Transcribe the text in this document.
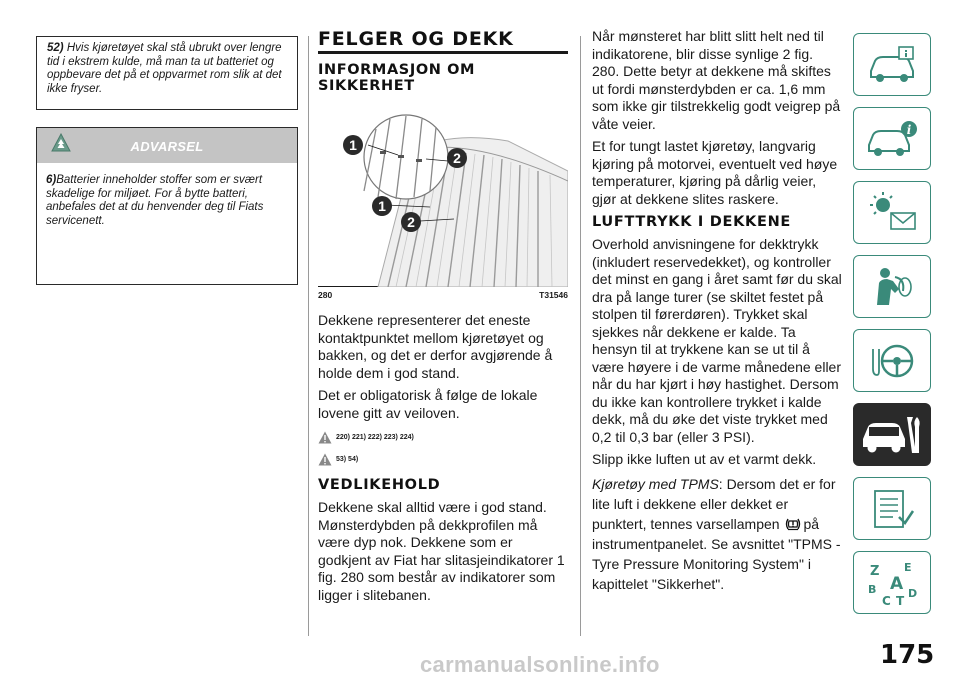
52) Hvis kjøretøyet skal stå ubrukt over lengre tid i ekstrem kulde, må man ta ut batteriet og oppbevare det på et oppvarmet rom slik at det ikke fryser.
ADVARSEL
6)Batterier inneholder stoffer som er svært skadelige for miljøet. For å bytte batteri, anbefales det at du henvender deg til Fiats servicenett.
FELGER OG DEKK
INFORMASJON OM SIKKERHET
1
2
1
2
280	T31546
Dekkene representerer det eneste kontaktpunktet mellom kjøretøyet og bakken, og det er derfor avgjørende å holde dem i god stand.
Det er obligatorisk å følge de lokale lovene gitt av veiloven.
220) 221) 222) 223) 224)
53) 54)
VEDLIKEHOLD
Dekkene skal alltid være i god stand. Mønsterdybden på dekkprofilen må være dyp nok. Dekkene som er godkjent av Fiat har slitasjeindikatorer 1 fig. 280 som består av indikatorer som ligger i slitebanen.
Når mønsteret har blitt slitt helt ned til indikatorene, blir disse synlige 2 fig. 280. Dette betyr at dekkene må skiftes ut fordi mønsterdybden er ca. 1,6 mm som ikke gir tilstrekkelig godt veigrep på våte veier.
Et for tungt lastet kjøretøy, langvarig kjøring på motorvei, eventuelt ved høye temperaturer, kjøring på dårlig veier, gjør at dekkene slites raskere.
LUFTTRYKK I DEKKENE
Overhold anvisningene for dekktrykk (inkludert reservedekket), og kontroller det minst en gang i året samt før du skal dra på lange turer (se skiltet festet på stolpen til førerdøren). Trykket skal sjekkes når dekkene er kalde. Ta hensyn til at trykkene kan se ut til å være høyere i de varme månedene eller når du har kjørt i høy hastighet. Dersom du ikke kan kontrollere trykket i kalde dekk, må du øke det viste trykket med 0,2 til 0,3 bar (eller 3 PSI).
Slipp ikke luften ut av et varmt dekk.
Kjøretøy med TPMS: Dersom det er for lite luft i dekkene eller dekket er punktert, tennes varsellampen på instrumentpanelet. Se avsnittet "TPMS - Tyre Pressure Monitoring System" i kapittelet "Sikkerhet".
i
Z E
A
B	D
C T
carmanualsonline.info	175
